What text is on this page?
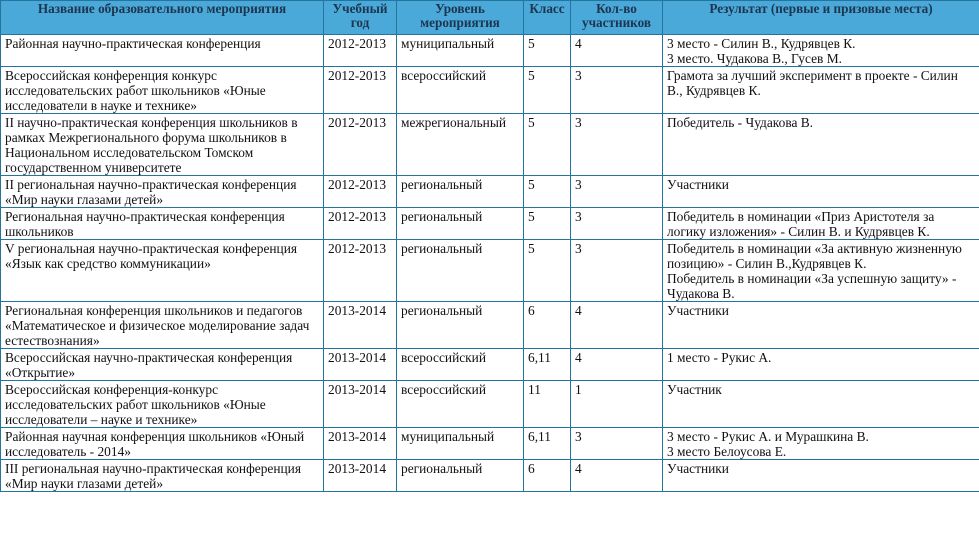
Название образовательного мероприятия	Учебный год	Уровень мероприятия	Класс	Кол-во участников	Результат (первые и призовые места)
Районная научно-практическая конференция	2012-2013	муниципальный	5	4	3 место - Силин В., Кудрявцев К.
3 место. Чудакова В., Гусев М.

Всероссийская конференция конкурс исследовательских работ школьников «Юные исследователи в науке и технике»	2012-2013	всероссийский	5	3	Грамота за лучший эксперимент в проекте - Силин В., Кудрявцев К.

II научно-практическая конференция школьников в рамках Межрегионального форума школьников в Национальном исследовательском Томском государственном университете	2012-2013	межрегиональный	5	3	Победитель - Чудакова В.

II региональная научно-практическая конференция «Мир науки глазами детей»	2012-2013	региональный	5	3	Участники

Региональная научно-практическая конференция школьников	2012-2013	региональный	5	3	Победитель в номинации «Приз Аристотеля за логику изложения» - Силин В. и Кудрявцев К.

V региональная научно-практическая конференция «Язык как средство коммуникации»	2012-2013	региональный	5	3	Победитель в номинации «За активную жизненную позицию» - Силин В.,Кудрявцев К.
Победитель в номинации «За успешную защиту» - Чудакова В.

Региональная конференция школьников и педагогов «Математическое и физическое моделирование задач естествознания»	2013-2014	региональный	6	4	Участники

Всероссийская научно-практическая конференция «Открытие»	2013-2014	всероссийский	6,11	4	1 место - Рукис А.

Всероссийская конференция-конкурс исследовательских работ школьников «Юные исследователи – науке и технике»	2013-2014	всероссийский	11	1	Участник

Районная научная конференция школьников «Юный исследователь - 2014»	2013-2014	муниципальный	6,11	3	3 место - Рукис А. и Мурашкина В.
3 место Белоусова Е.

III региональная научно-практическая конференция «Мир науки глазами детей»	2013-2014	региональный	6	4	Участники
